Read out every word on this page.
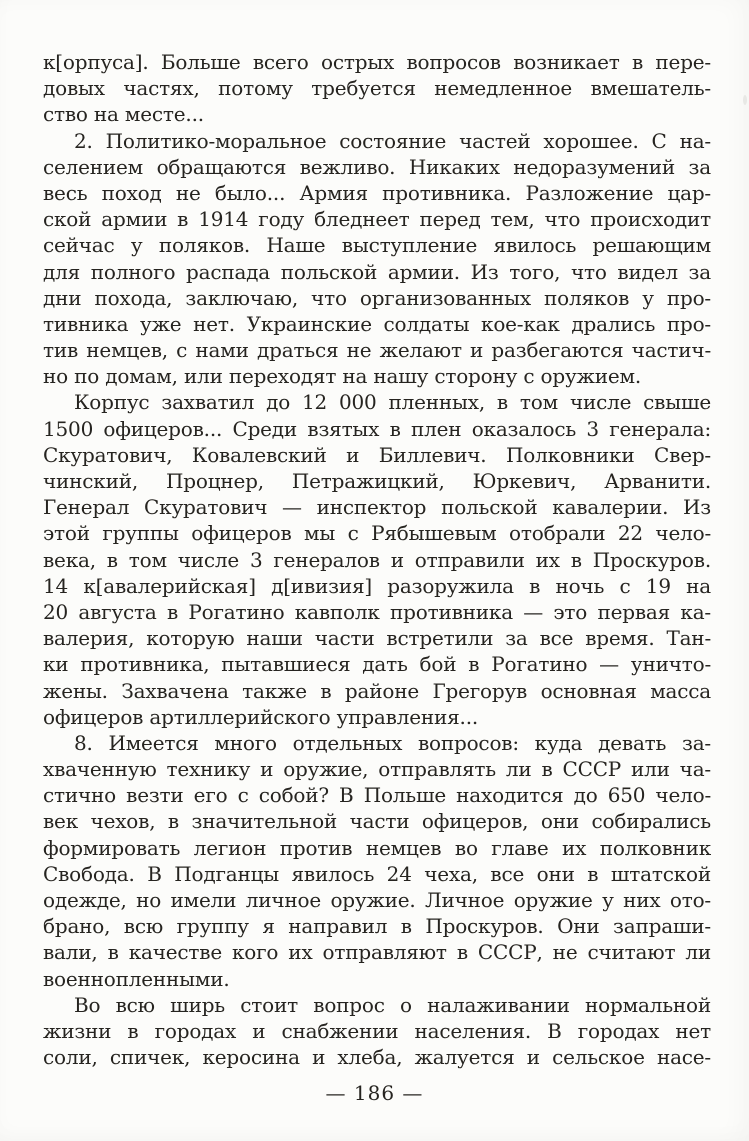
к[орпуса]. Больше всего острых вопросов возникает в пере-
довых частях, потому требуется немедленное вмешатель-
ство на месте...

2. Политико-моральное состояние частей хорошее. С на-
селением обращаются вежливо. Никаких недоразумений за
весь поход не было... Армия противника. Разложение цар-
ской армии в 1914 году бледнеет перед тем, что происходит
сейчас у поляков. Наше выступление явилось решающим
для полного распада польской армии. Из того, что видел за
дни похода, заключаю, что организованных поляков у про-
тивника уже нет. Украинские солдаты кое-как дрались про-
тив немцев, с нами драться не желают и разбегаются частич-
но по домам, или переходят на нашу сторону с оружием.

Корпус захватил до 12 000 пленных, в том числе свыше
1500 офицеров... Среди взятых в плен оказалось 3 генерала:
Скуратович, Ковалевский и Биллевич. Полковники Свер-
чинский, Процнер, Петражицкий, Юркевич, Арванити.
Генерал Скуратович — инспектор польской кавалерии. Из
этой группы офицеров мы с Рябышевым отобрали 22 чело-
века, в том числе 3 генералов и отправили их в Проскуров.
14 к[авалерийская] д[ивизия] разоружила в ночь с 19 на
20 августа в Рогатино кавполк противника — это первая ка-
валерия, которую наши части встретили за все время. Тан-
ки противника, пытавшиеся дать бой в Рогатино — уничто-
жены. Захвачена также в районе Грегорув основная масса
офицеров артиллерийского управления...

8. Имеется много отдельных вопросов: куда девать за-
хваченную технику и оружие, отправлять ли в СССР или ча-
стично везти его с собой? В Польше находится до 650 чело-
век чехов, в значительной части офицеров, они собирались
формировать легион против немцев во главе их полковник
Свобода. В Подганцы явилось 24 чеха, все они в штатской
одежде, но имели личное оружие. Личное оружие у них ото-
брано, всю группу я направил в Проскуров. Они запраши-
вали, в качестве кого их отправляют в СССР, не считают ли
военнопленными.

Во всю ширь стоит вопрос о налаживании нормальной
жизни в городах и снабжении населения. В городах нет
соли, спичек, керосина и хлеба, жалуется и сельское насе-

— 186 —
